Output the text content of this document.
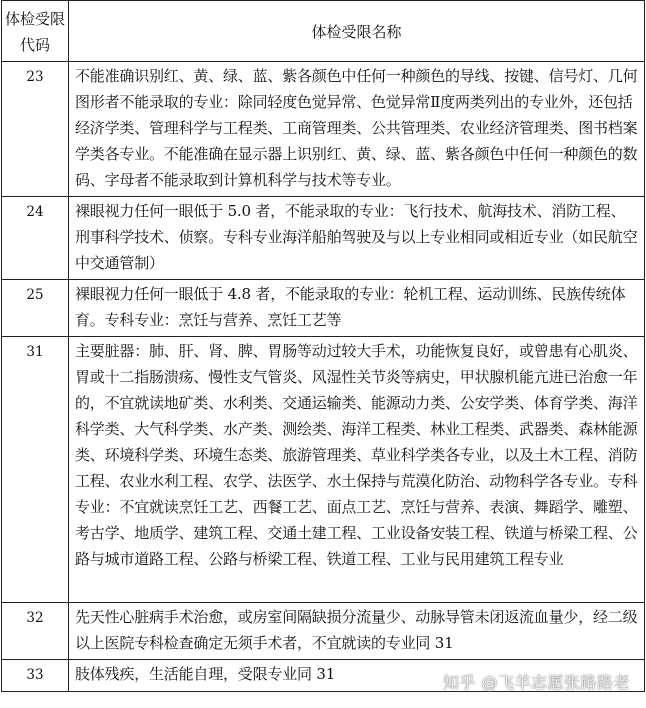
体检受限代码	体检受限名称
23	不能准确识别红、黄、绿、蓝、紫各颜色中任何一种颜色的导线、按键、信号灯、几何图形者不能录取的专业：除同轻度色觉异常、色觉异常Ⅱ度两类列出的专业外，还包括经济学类、管理科学与工程类、工商管理类、公共管理类、农业经济管理类、图书档案学类各专业。不能准确在显示器上识别红、黄、绿、蓝、紫各颜色中任何一种颜色的数码、字母者不能录取到计算机科学与技术等专业。
24	裸眼视力任何一眼低于 5.0 者，不能录取的专业：飞行技术、航海技术、消防工程、刑事科学技术、侦察。专科专业海洋船舶驾驶及与以上专业相同或相近专业（如民航空中交通管制）
25	裸眼视力任何一眼低于 4.8 者，不能录取的专业：轮机工程、运动训练、民族传统体育。专科专业：烹饪与营养、烹饪工艺等
31	主要脏器：肺、肝、肾、脾、胃肠等动过较大手术，功能恢复良好，或曾患有心肌炎、胃或十二指肠溃疡、慢性支气管炎、风湿性关节炎等病史，甲状腺机能亢进已治愈一年的，不宜就读地矿类、水利类、交通运输类、能源动力类、公安学类、体育学类、海洋科学类、大气科学类、水产类、测绘类、海洋工程类、林业工程类、武器类、森林能源类、环境科学类、环境生态类、旅游管理类、草业科学类各专业，以及土木工程、消防工程、农业水利工程、农学、法医学、水土保持与荒漠化防治、动物科学各专业。专科专业：不宜就读烹饪工艺、西餐工艺、面点工艺、烹饪与营养、表演、舞蹈学、雕塑、考古学、地质学、建筑工程、交通土建工程、工业设备安装工程、铁道与桥梁工程、公路与城市道路工程、公路与桥梁工程、铁道工程、工业与民用建筑工程专业
32	先天性心脏病手术治愈，或房室间隔缺损分流量少、动脉导管未闭返流血量少，经二级以上医院专科检查确定无须手术者，不宜就读的专业同 31
33	肢体残疾，生活能自理，受限专业同 31	知乎 @飞羊志愿张路路老
